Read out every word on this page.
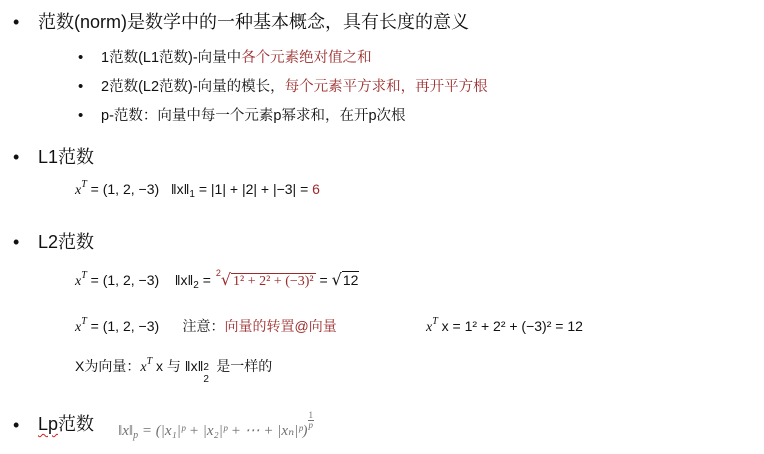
• 范数(norm)是数学中的一种基本概念，具有长度的意义
• 1范数(L1范数)-向量中各个元素绝对值之和
• 2范数(L2范数)-向量的模长，每个元素平方求和，再开平方根
• p-范数：向量中每一个元素p幂求和，在开p次根
• L1范数
$x^T = (1$, 2, −3) $‖x‖_1 = |1| + |2| + |-3| = 6$
• L2范数
$x^T = (1$, 2, −3) $‖x‖_2 = 2$ √ 1² + 2² + (−3)² = √12
$x^T = (1$, 2, −3) 注意：向量的转置@向量	$x^T$ x = 1² + 2² + (−3)² = 12
X为向量：$x^T$ x 与 ‖x‖ 2
2
是一样的
• Lp范数 $‖x‖_p$ = (|x₁|ᵖ + |x₂|ᵖ + ⋯ + |xₙ|ᵖ)
$\frac{1}{p}$
